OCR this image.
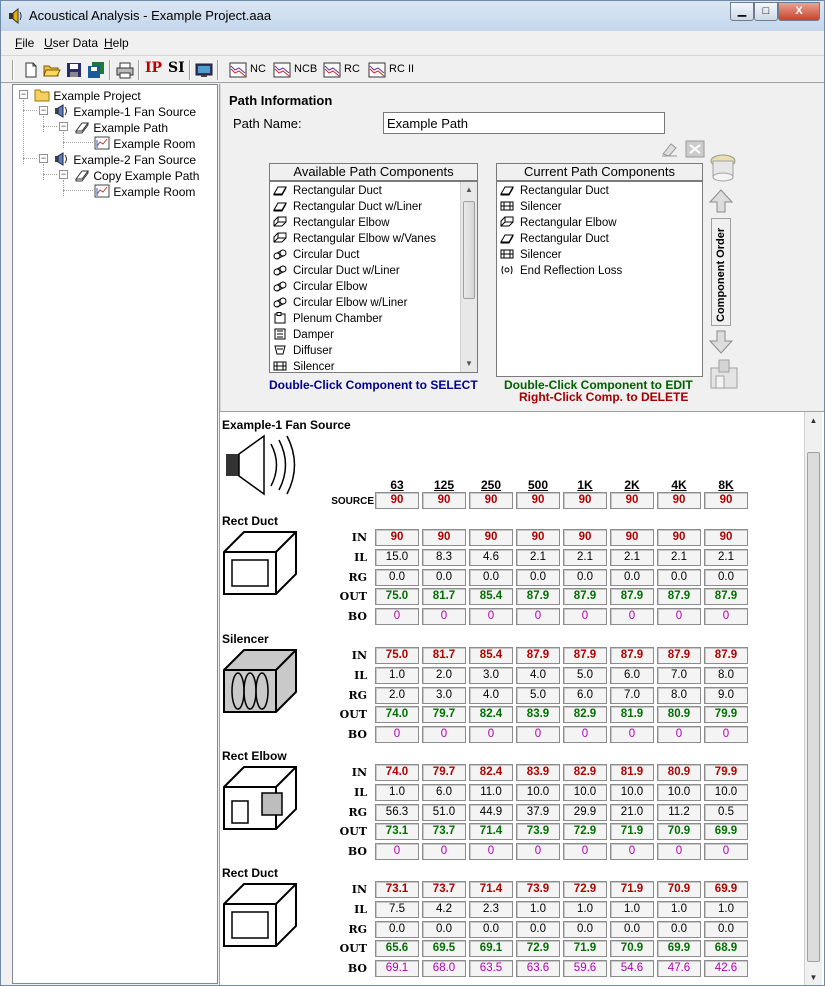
Acoustical Analysis - Example Project.aaa	▁	□	X
File User Data Help
IP SI	NC	NCB RC	RC II
−	Example Project
−	Example-1 Fan Source
−	Example Path
Example Room
−	Example-2 Fan Source
−	Copy Example Path
Example Room
Path Information
Path Name:	Example Path
Available Path Components
Rectangular Duct
Rectangular Duct w/Liner
Rectangular Elbow
Rectangular Elbow w/Vanes
Circular Duct
Circular Duct w/Liner
Circular Elbow
Circular Elbow w/Liner
Plenum Chamber
Damper
Diffuser
Silencer
▲
▼
Double-Click Component to SELECT
Current Path Components
Rectangular Duct
Silencer
Rectangular Elbow
Rectangular Duct
Silencer
End Reflection Loss
Double-Click Component to EDIT
Right-Click Comp. to DELETE
Component Order
Example-1 Fan Source
SOURCE
63	125	250	500	1K	2K	4K	8K
90	90	90	90	90	90	90	90
Rect Duct
IN	90	90	90	90	90	90	90	90
IL	15.0	8.3	4.6	2.1	2.1	2.1	2.1	2.1
RG	0.0	0.0	0.0	0.0	0.0	0.0	0.0	0.0
OUT	75.0	81.7	85.4	87.9	87.9	87.9	87.9	87.9
BO	0	0	0	0	0	0	0	0
Silencer
IN	75.0	81.7	85.4	87.9	87.9	87.9	87.9	87.9
IL	1.0	2.0	3.0	4.0	5.0	6.0	7.0	8.0
RG	2.0	3.0	4.0	5.0	6.0	7.0	8.0	9.0
OUT	74.0	79.7	82.4	83.9	82.9	81.9	80.9	79.9
BO	0	0	0	0	0	0	0	0
Rect Elbow
IN	74.0	79.7	82.4	83.9	82.9	81.9	80.9	79.9
IL	1.0	6.0	11.0	10.0	10.0	10.0	10.0	10.0
RG	56.3	51.0	44.9	37.9	29.9	21.0	11.2	0.5
OUT	73.1	73.7	71.4	73.9	72.9	71.9	70.9	69.9
BO	0	0	0	0	0	0	0	0
Rect Duct
IN	73.1	73.7	71.4	73.9	72.9	71.9	70.9	69.9
IL	7.5	4.2	2.3	1.0	1.0	1.0	1.0	1.0
RG	0.0	0.0	0.0	0.0	0.0	0.0	0.0	0.0
OUT	65.6	69.5	69.1	72.9	71.9	70.9	69.9	68.9
BO	69.1	68.0	63.5	63.6	59.6	54.6	47.6	42.6
▲
▼
